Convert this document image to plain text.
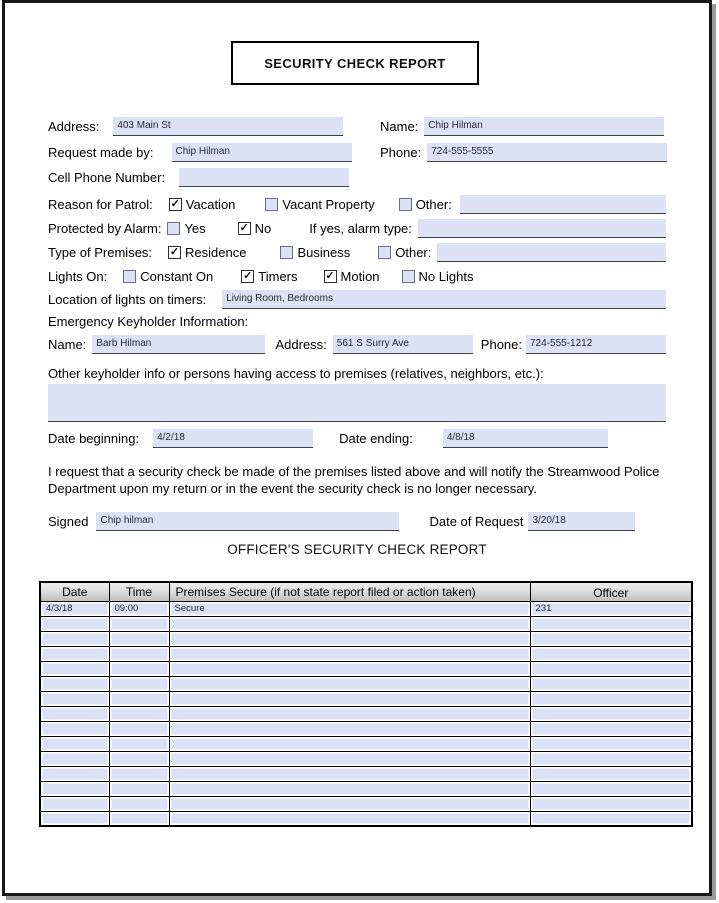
SECURITY CHECK REPORT
Address:
403 Main St	Name:
Chip Hilman
Request made by:
Chip Hilman	Phone:
724-555-5555
Cell Phone Number:
Reason for Patrol: ✓ Vacation	Vacant Property	Other:
Protected by Alarm: Yes	✓ No	If yes, alarm type:
Type of Premises: ✓ Residence	Business	Other:
Lights On:	Constant On	✓ Timers	✓ Motion	No Lights
Location of lights on timers:
Living Room, Bedrooms
Emergency Keyholder Information:
Name:
Barb Hilman	Address:
561 S Surry Ave	Phone:
724-555-1212
Other keyholder info or persons having access to premises (relatives, neighbors, etc.):
Date beginning:
4/2/18	Date ending:
4/8/18
I request that a security check be made of the premises listed above and will notify the Streamwood Police Department upon my return or in the event the security check is no longer necessary.
Signed
Chip hilman	Date of Request
3/20/18
OFFICER'S SECURITY CHECK REPORT
Date	Time	Premises Secure (if not state report filed or action taken)	Officer
4/3/18	09:00	Secure	231
